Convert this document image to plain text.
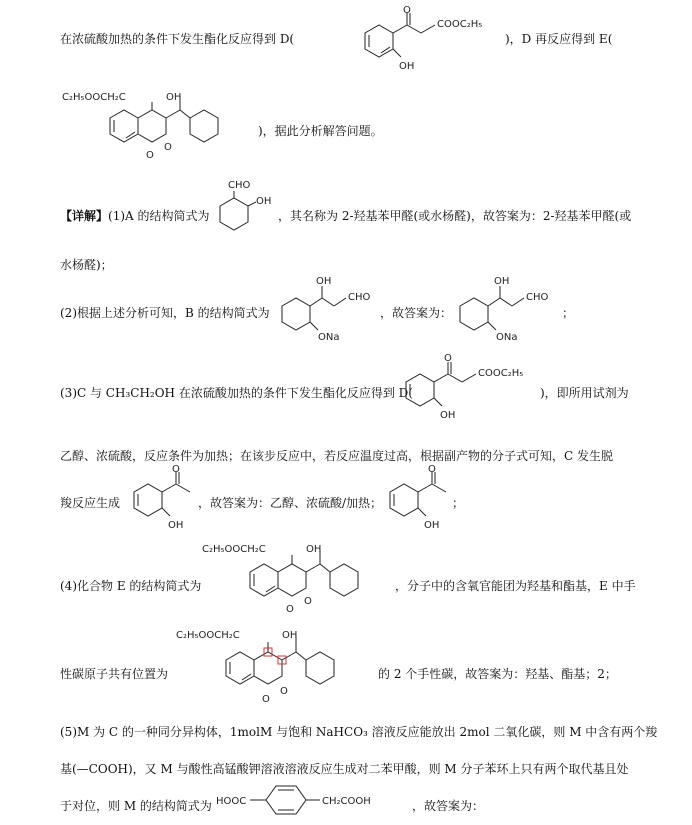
在浓硫酸加热的条件下发生酯化反应得到 D(
O
COOC₂H₅
OH
)，D 再反应得到 E(
C₂H₅OOCH₂C	OH
O
O
)，据此分析解答问题。
【详解】(1)A 的结构简式为
CHO
OH
，其名称为 2-羟基苯甲醛(或水杨醛)，故答案为：2-羟基苯甲醛(或
水杨醛)；
(2)根据上述分析可知，B 的结构简式为
OH
CHO
ONa
，故答案为：
OH
CHO
ONa
；
(3)C 与 CH₃CH₂OH 在浓硫酸加热的条件下发生酯化反应得到 D(
O
COOC₂H₅
OH
)，即所用试剂为
乙醇、浓硫酸，反应条件为加热；在该步反应中，若反应温度过高，根据副产物的分子式可知，C 发生脱
羧反应生成
O
OH
，故答案为：乙醇、浓硫酸/加热；
O
OH
；
(4)化合物 E 的结构简式为
C₂H₅OOCH₂C	OH
O
O
，分子中的含氧官能团为羟基和酯基，E 中手
性碳原子共有位置为
C₂H₅OOCH₂C	OH
O
O
的 2 个手性碳，故答案为：羟基、酯基；2；
(5)M 为 C 的一种同分异构体，1molM 与饱和 NaHCO₃ 溶液反应能放出 2mol 二氧化碳，则 M 中含有两个羧
基(—COOH)，又 M 与酸性高锰酸钾溶液溶液反应生成对二苯甲酸，则 M 分子苯环上只有两个取代基且处
于对位，则 M 的结构简式为 HOOC	CH₂COOH	，故答案为：
